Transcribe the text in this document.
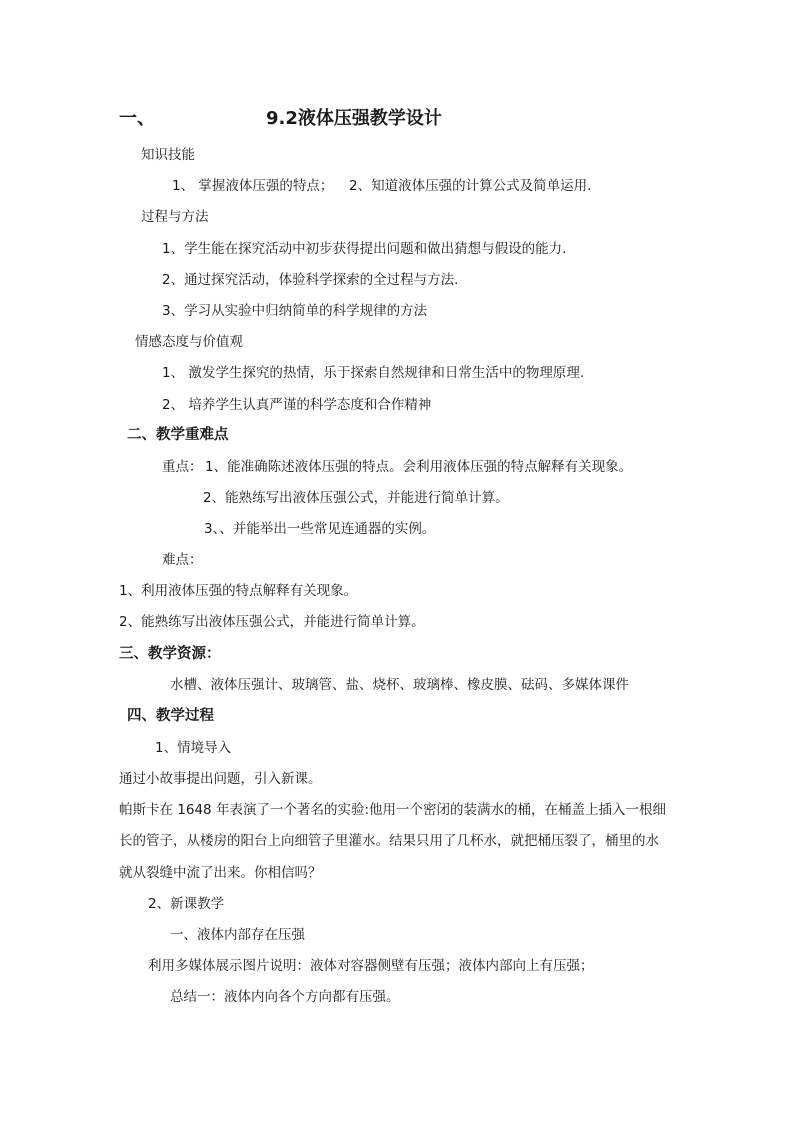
一、	9.2液体压强教学设计
知识技能
1、 掌握液体压强的特点； 2、知道液体压强的计算公式及简单运用.
过程与方法
1、学生能在探究活动中初步获得提出问题和做出猜想与假设的能力.
2、通过探究活动，体验科学探索的全过程与方法.
3、学习从实验中归纳简单的科学规律的方法
情感态度与价值观
1、 激发学生探究的热情，乐于探索自然规律和日常生活中的物理原理.
2、 培养学生认真严谨的科学态度和合作精神
二、教学重难点
重点： 1、能准确陈述液体压强的特点。会利用液体压强的特点解释有关现象。
2、能熟练写出液体压强公式，并能进行简单计算。
3、、并能举出一些常见连通器的实例。
难点：
1、利用液体压强的特点解释有关现象。
2、能熟练写出液体压强公式，并能进行简单计算。
三、教学资源：
水槽、液体压强计、玻璃管、盐、烧杯、玻璃棒、橡皮膜、砝码、多媒体课件
四、教学过程
1、情境导入
通过小故事提出问题，引入新课。
帕斯卡在 1648 年表演了一个著名的实验:他用一个密闭的装满水的桶，在桶盖上插入一根细
长的管子，从楼房的阳台上向细管子里灌水。结果只用了几杯水，就把桶压裂了，桶里的水
就从裂缝中流了出来。你相信吗？
2、新课教学
一、液体内部存在压强
利用多媒体展示图片说明：液体对容器侧壁有压强；液体内部向上有压强；
总结一：液体内向各个方向都有压强。
